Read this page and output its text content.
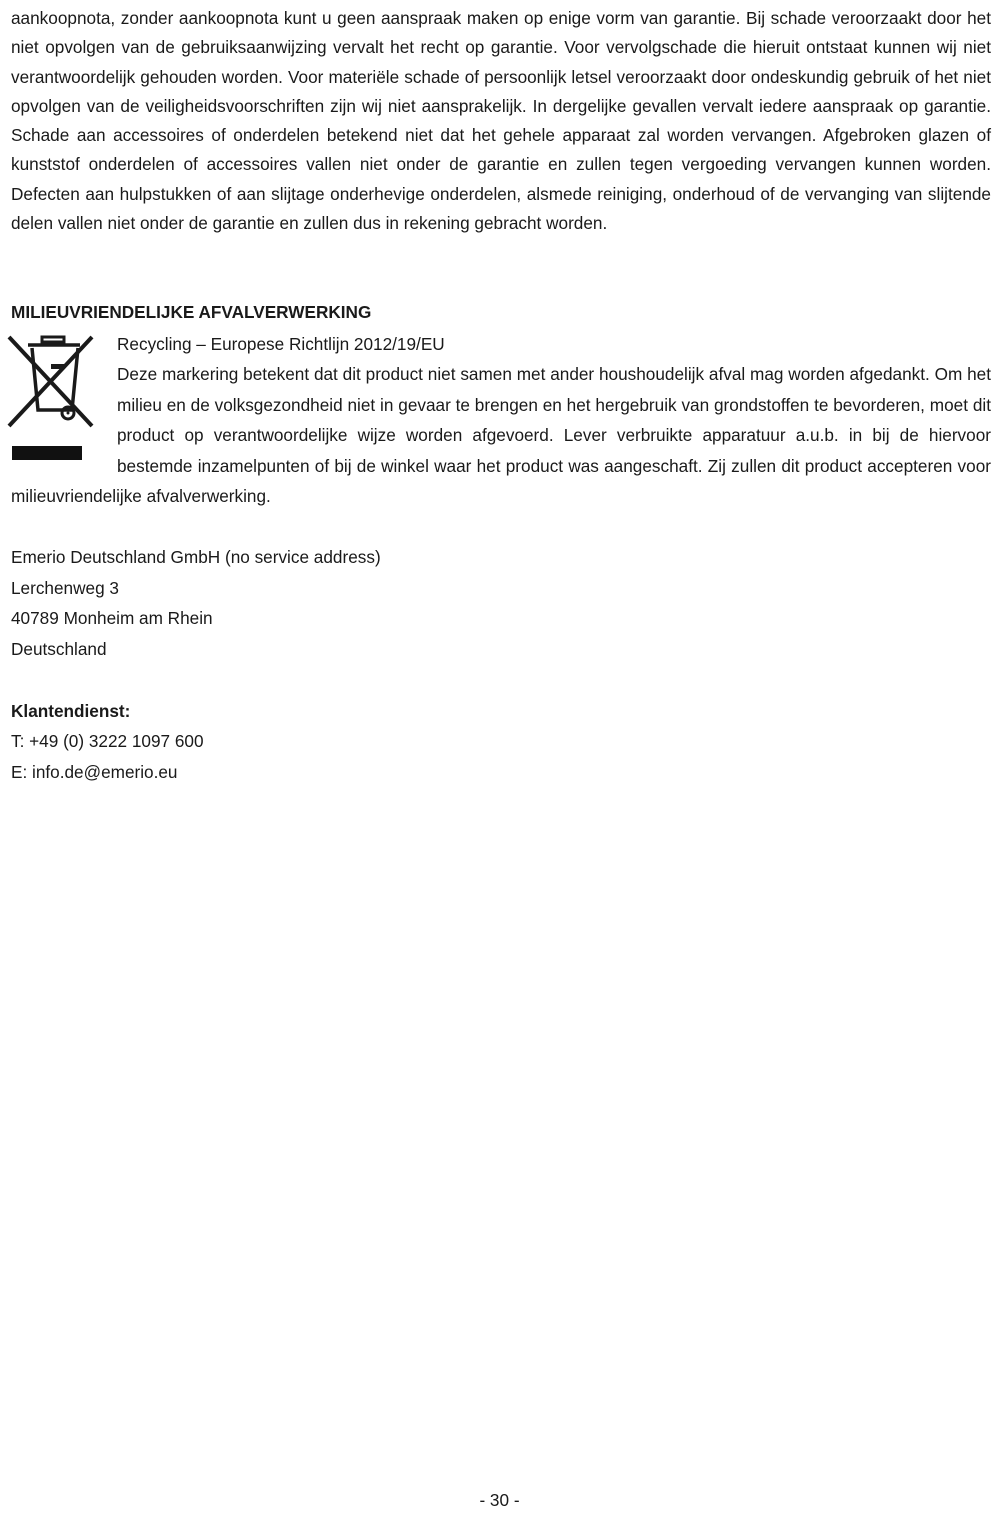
aankoopnota, zonder aankoopnota kunt u geen aanspraak maken op enige vorm van garantie. Bij schade veroorzaakt door het niet opvolgen van de gebruiksaanwijzing vervalt het recht op garantie. Voor vervolgschade die hieruit ontstaat kunnen wij niet verantwoordelijk gehouden worden. Voor materiële schade of persoonlijk letsel veroorzaakt door ondeskundig gebruik of het niet opvolgen van de veiligheidsvoorschriften zijn wij niet aansprakelijk. In dergelijke gevallen vervalt iedere aanspraak op garantie. Schade aan accessoires of onderdelen betekend niet dat het gehele apparaat zal worden vervangen. Afgebroken glazen of kunststof onderdelen of accessoires vallen niet onder de garantie en zullen tegen vergoeding vervangen kunnen worden. Defecten aan hulpstukken of aan slijtage onderhevige onderdelen, alsmede reiniging, onderhoud of de vervanging van slijtende delen vallen niet onder de garantie en zullen dus in rekening gebracht worden.

MILIEUVRIENDELIJKE AFVALVERWERKING
Recycling – Europese Richtlijn 2012/19/EU
Deze markering betekent dat dit product niet samen met ander houshoudelijk afval mag worden afgedankt. Om het milieu en de volksgezondheid niet in gevaar te brengen en het hergebruik van grondstoffen te bevorderen, moet dit product op verantwoordelijke wijze worden afgevoerd. Lever verbruikte apparatuur a.u.b. in bij de hiervoor bestemde inzamelpunten of bij de winkel waar het product was aangeschaft. Zij zullen dit product accepteren voor milieuvriendelijke afvalverwerking.
Emerio Deutschland GmbH (no service address)
Lerchenweg 3
40789 Monheim am Rhein
Deutschland
Klantendienst:
T: +49 (0) 3222 1097 600
E: info.de@emerio.eu
- 30 -
